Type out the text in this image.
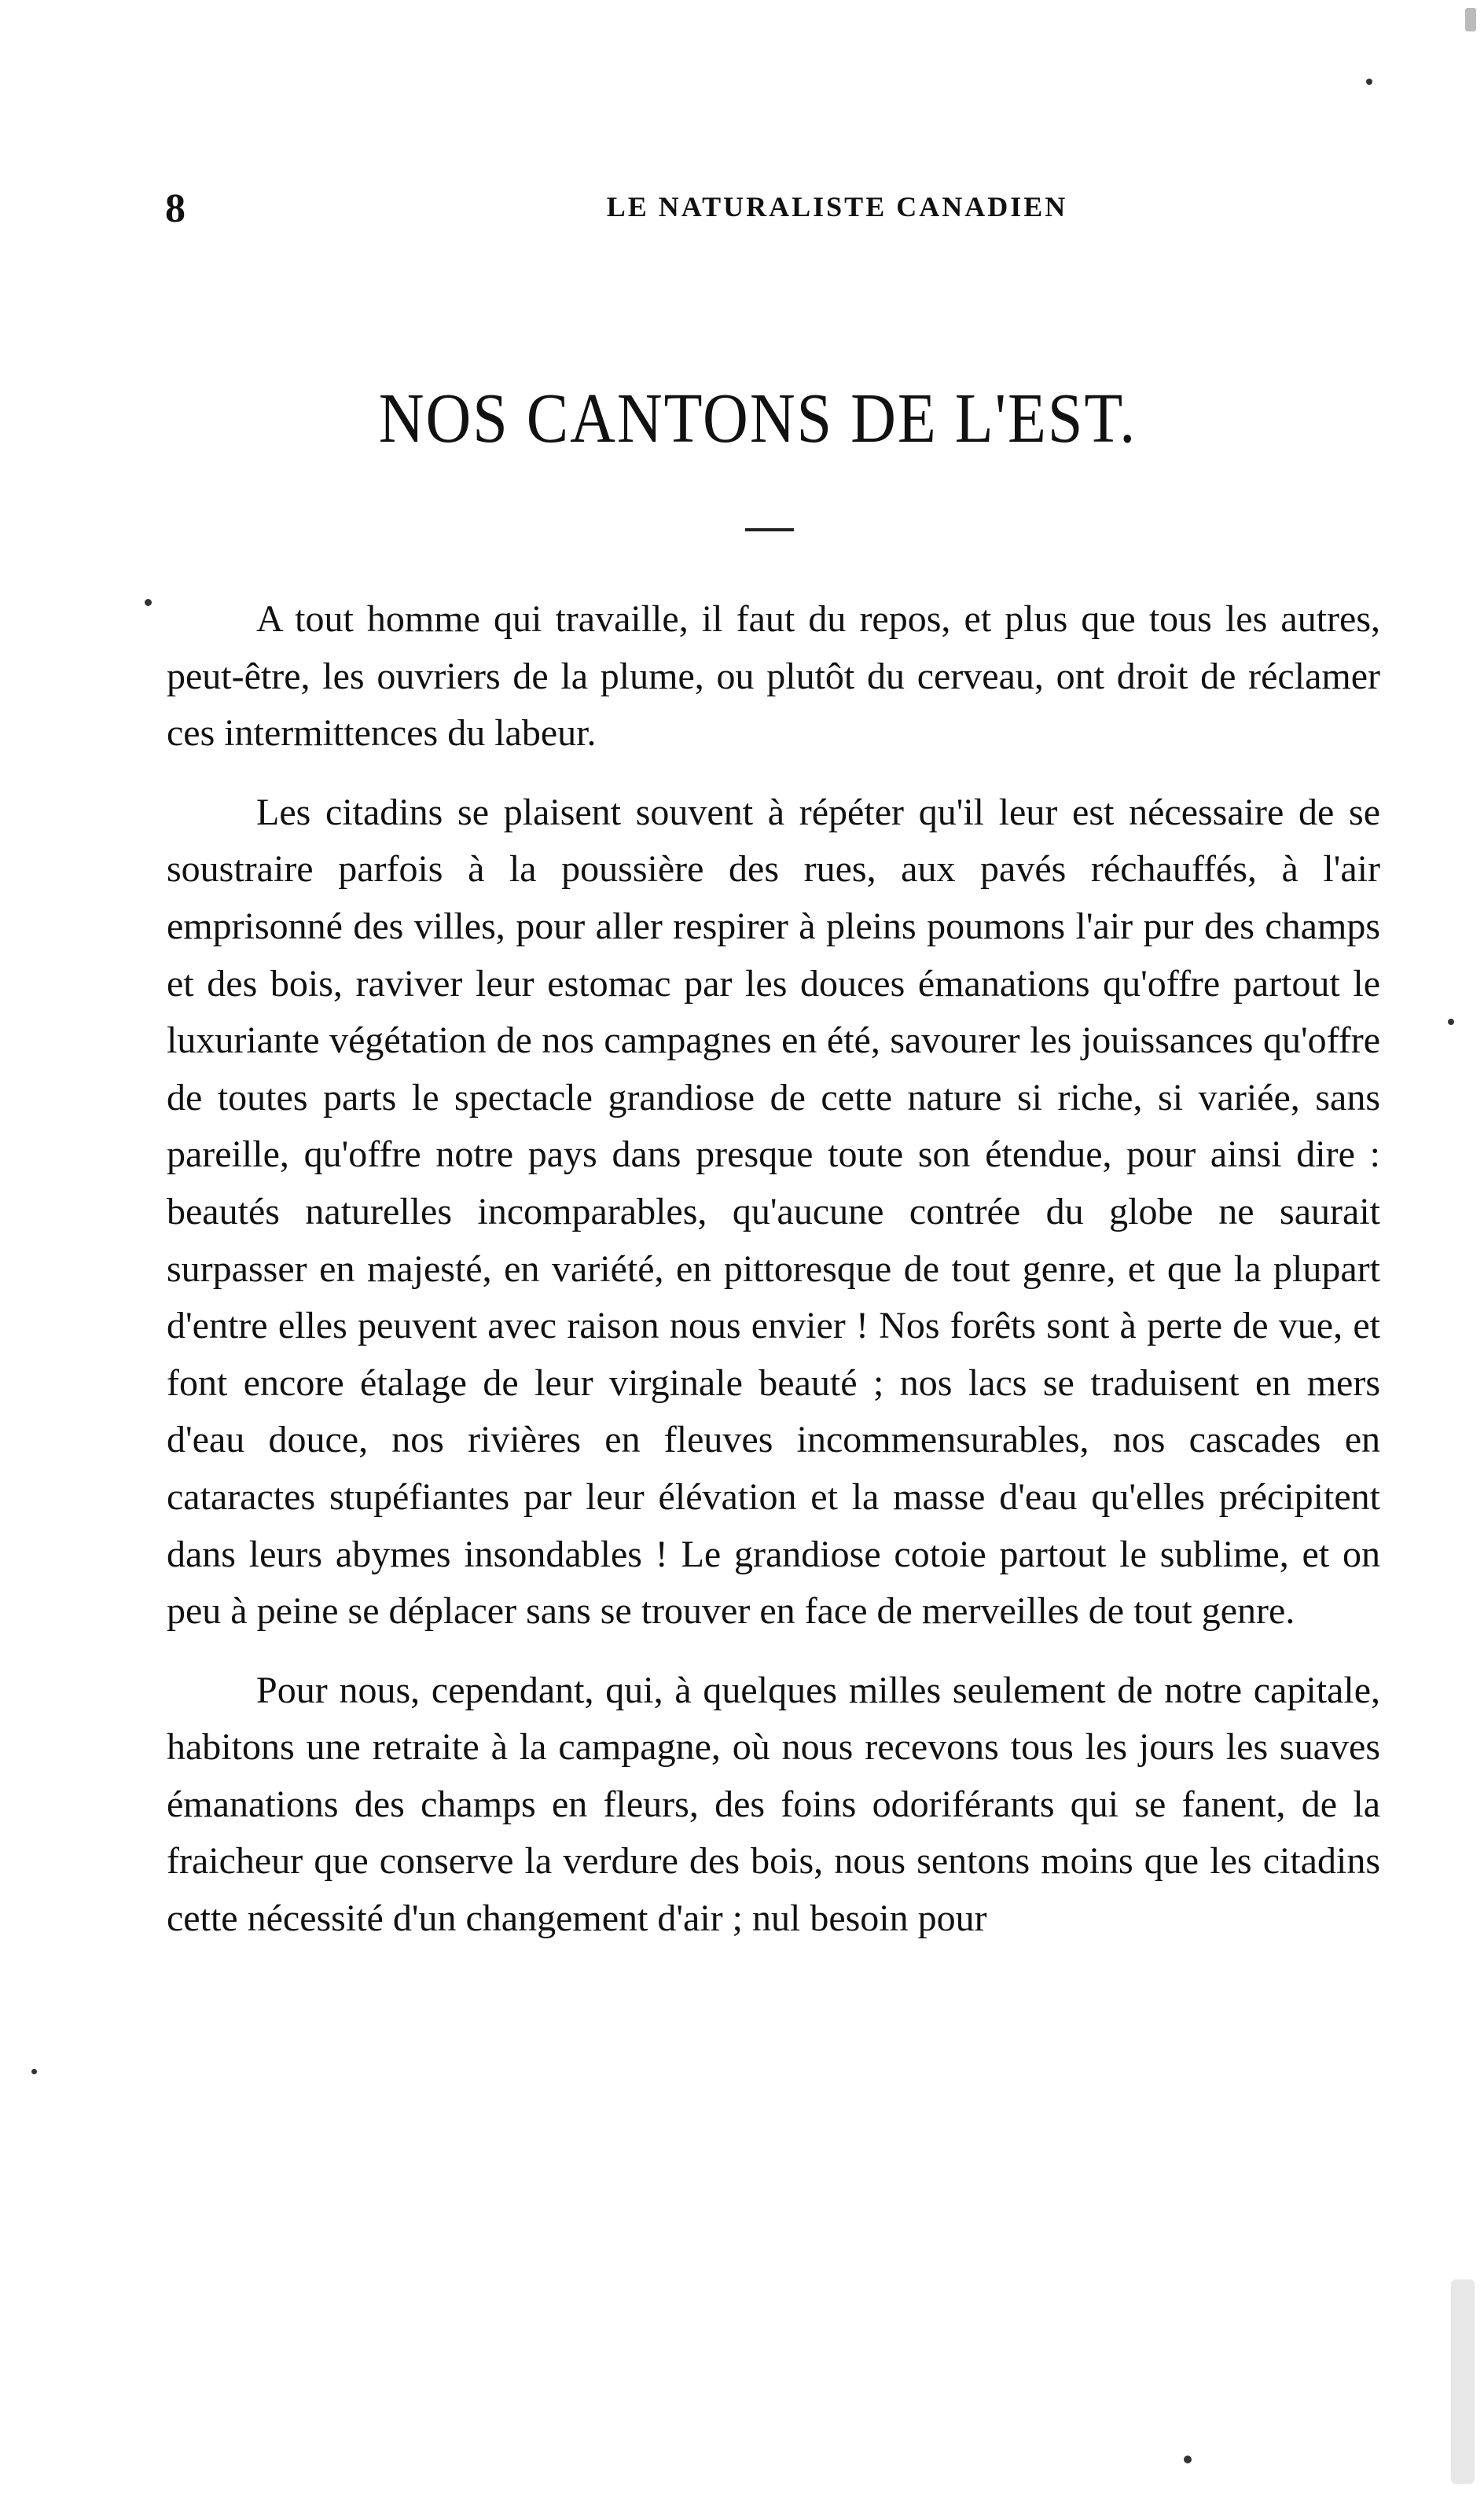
8	LE NATURALISTE CANADIEN
NOS CANTONS DE L'EST.

A tout homme qui travaille, il faut du repos, et plus que tous les autres, peut-être, les ouvriers de la plume, ou plutôt du cerveau, ont droit de réclamer ces intermittences du labeur.

Les citadins se plaisent souvent à répéter qu'il leur est nécessaire de se soustraire parfois à la poussière des rues, aux pavés réchauffés, à l'air emprisonné des villes, pour aller respirer à pleins poumons l'air pur des champs et des bois, raviver leur estomac par les douces émanations qu'offre partout le luxuriante végétation de nos campagnes en été, savourer les jouissances qu'offre de toutes parts le spectacle grandiose de cette nature si riche, si variée, sans pareille, qu'offre notre pays dans presque toute son étendue, pour ainsi dire : beautés naturelles incomparables, qu'aucune contrée du globe ne saurait surpasser en majesté, en variété, en pittoresque de tout genre, et que la plupart d'entre elles peuvent avec raison nous envier ! Nos forêts sont à perte de vue, et font encore étalage de leur virginale beauté ; nos lacs se traduisent en mers d'eau douce, nos rivières en fleuves incommensurables, nos cascades en cataractes stupéfiantes par leur élévation et la masse d'eau qu'elles précipitent dans leurs abymes insondables ! Le grandiose cotoie partout le sublime, et on peu à peine se déplacer sans se trouver en face de merveilles de tout genre.

Pour nous, cependant, qui, à quelques milles seulement de notre capitale, habitons une retraite à la campagne, où nous recevons tous les jours les suaves émanations des champs en fleurs, des foins odoriférants qui se fanent, de la fraicheur que conserve la verdure des bois, nous sentons moins que les citadins cette nécessité d'un changement d'air ; nul besoin pour
